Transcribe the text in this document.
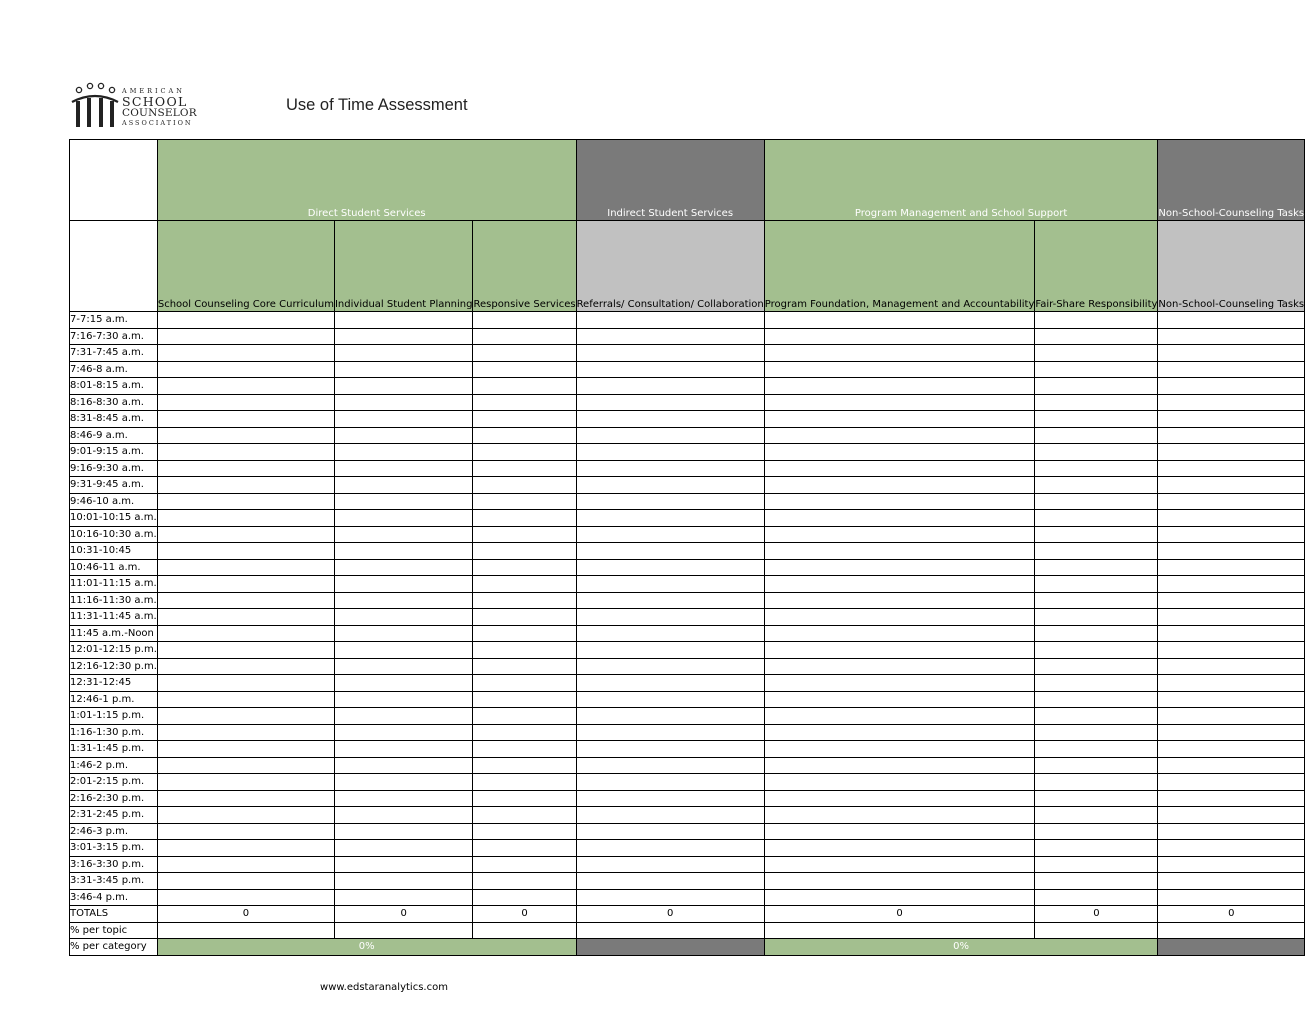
AMERICAN
SCHOOL
COUNSELOR
ASSOCIATION
Use of Time Assessment
	Direct Student Services			Indirect Student Services	Program Management and School Support		Non-School-Counseling Tasks
	School Counseling Core Curriculum	Individual Student Planning	Responsive Services	Referrals/ Consultation/ Collaboration	Program Foundation, Management and Accountability	Fair-Share Responsibility	Non-School-Counseling Tasks
7-7:15 a.m.							
7:16-7:30 a.m.							
7:31-7:45 a.m.							
7:46-8 a.m.							
8:01-8:15 a.m.							
8:16-8:30 a.m.							
8:31-8:45 a.m.							
8:46-9 a.m.							
9:01-9:15 a.m.							
9:16-9:30 a.m.							
9:31-9:45 a.m.							
9:46-10 a.m.							
10:01-10:15 a.m.							
10:16-10:30 a.m.							
10:31-10:45							
10:46-11 a.m.							
11:01-11:15 a.m.							
11:16-11:30 a.m.							
11:31-11:45 a.m.							
11:45 a.m.-Noon							
12:01-12:15 p.m.							
12:16-12:30 p.m.							
12:31-12:45							
12:46-1 p.m.							
1:01-1:15 p.m.							
1:16-1:30 p.m.							
1:31-1:45 p.m.							
1:46-2 p.m.							
2:01-2:15 p.m.							
2:16-2:30 p.m.							
2:31-2:45 p.m.							
2:46-3 p.m.							
3:01-3:15 p.m.							
3:16-3:30 p.m.							
3:31-3:45 p.m.							
3:46-4 p.m.							
TOTALS	0	0	0	0	0	0	0
% per topic							
% per category	0%				0%		
www.edstaranalytics.com
